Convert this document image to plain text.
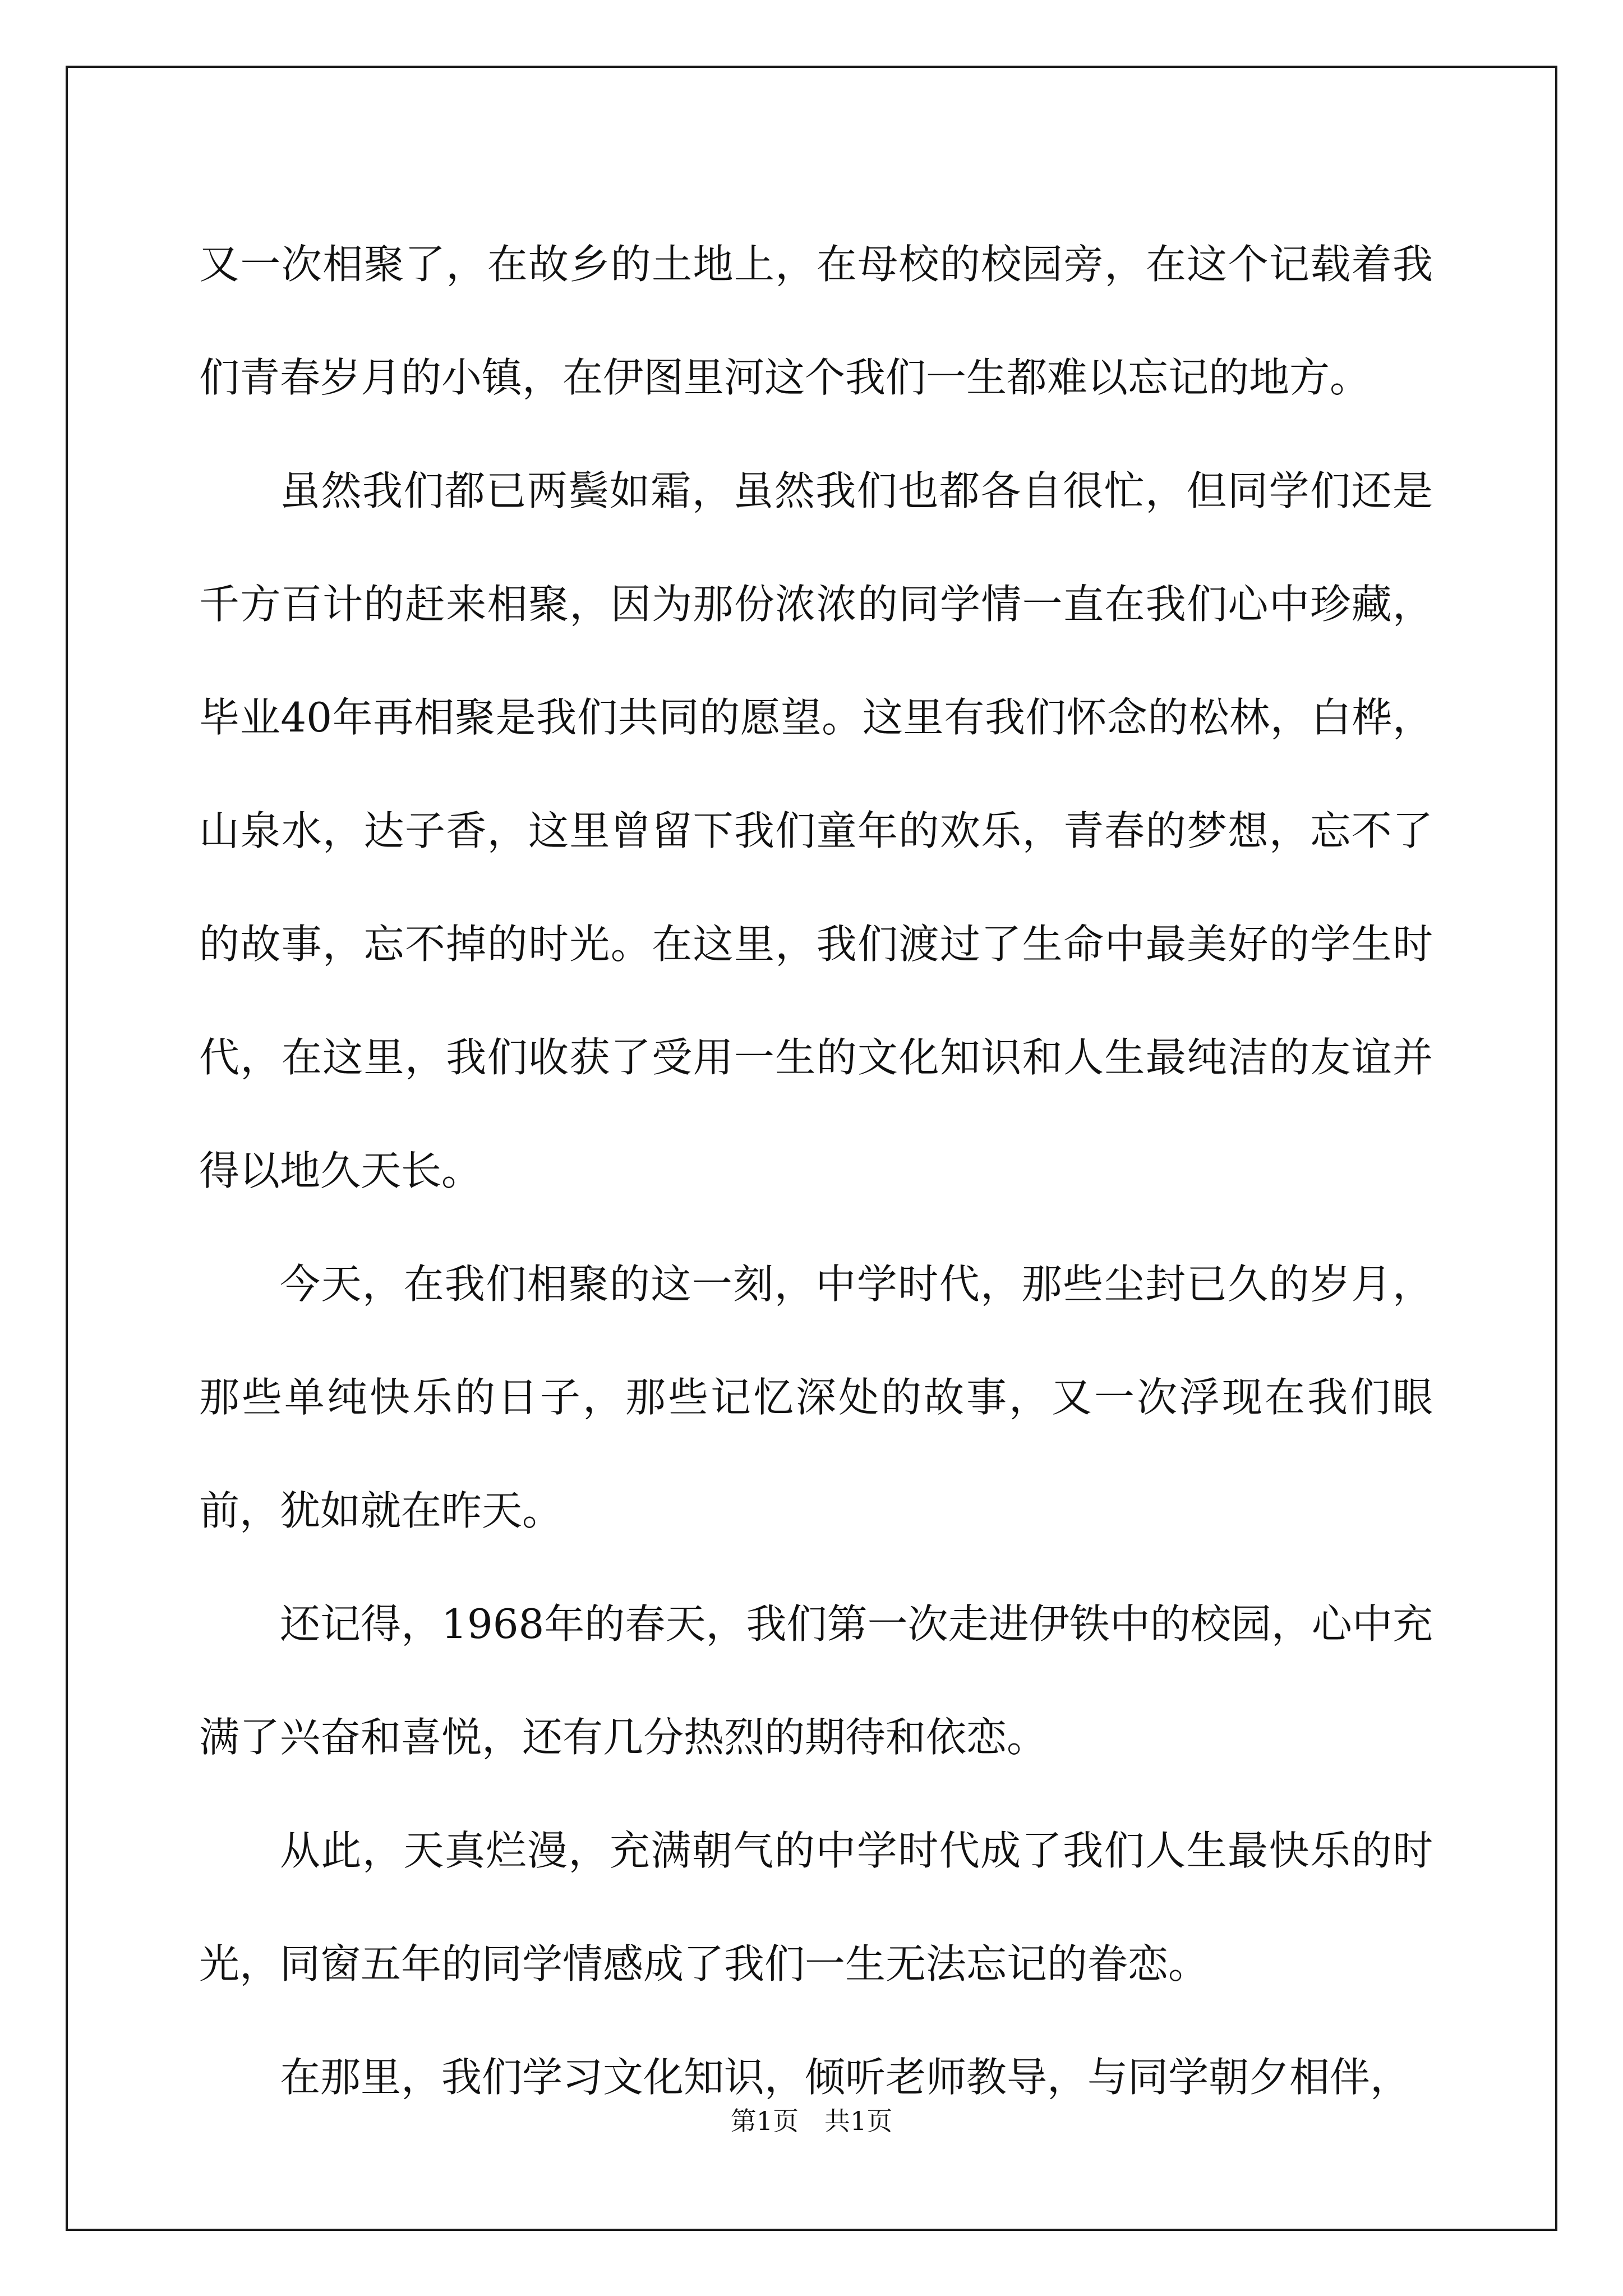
又一次相聚了，在故乡的土地上，在母校的校园旁，在这个记载着我们青春岁月的小镇，在伊图里河这个我们一生都难以忘记的地方。

虽然我们都已两鬓如霜，虽然我们也都各自很忙，但同学们还是千方百计的赶来相聚，因为那份浓浓的同学情一直在我们心中珍藏，毕业40年再相聚是我们共同的愿望。这里有我们怀念的松林，白桦，山泉水，达子香，这里曾留下我们童年的欢乐，青春的梦想，忘不了的故事，忘不掉的时光。在这里，我们渡过了生命中最美好的学生时代，在这里，我们收获了受用一生的文化知识和人生最纯洁的友谊并得以地久天长。

今天，在我们相聚的这一刻，中学时代，那些尘封已久的岁月，那些单纯快乐的日子，那些记忆深处的故事，又一次浮现在我们眼前，犹如就在昨天。

还记得，1968年的春天，我们第一次走进伊铁中的校园，心中充满了兴奋和喜悦，还有几分热烈的期待和依恋。

从此，天真烂漫，充满朝气的中学时代成了我们人生最快乐的时光，同窗五年的同学情感成了我们一生无法忘记的眷恋。

在那里，我们学习文化知识，倾听老师教导，与同学朝夕相伴，

第1页　共1页
